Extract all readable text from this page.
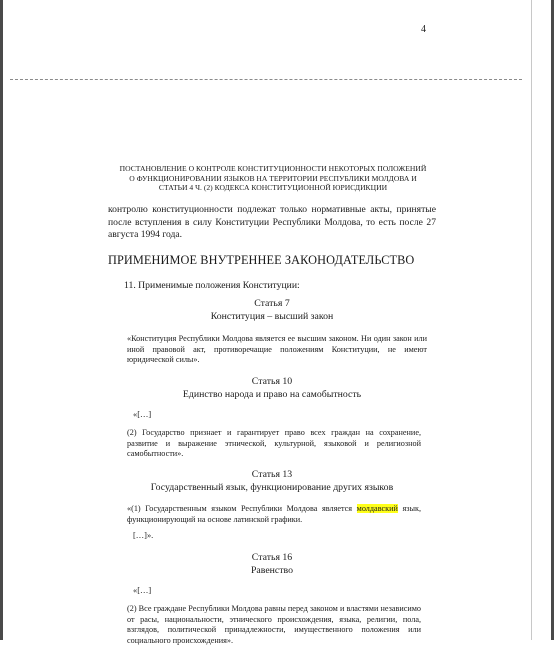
4
ПОСТАНОВЛЕНИЕ О КОНТРОЛЕ КОНСТИТУЦИОННОСТИ НЕКОТОРЫХ ПОЛОЖЕНИЙ
О ФУНКЦИОНИРОВАНИИ ЯЗЫКОВ НА ТЕРРИТОРИИ РЕСПУБЛИКИ МОЛДОВА И
СТАТЬИ 4 Ч. (2) КОДЕКСА КОНСТИТУЦИОННОЙ ЮРИСДИКЦИИ
контролю конституционности подлежат только нормативные акты, принятые после вступления в силу Конституции Республики Молдова, то есть после 27 августа 1994 года.
ПРИМЕНИМОЕ ВНУТРЕННЕЕ ЗАКОНОДАТЕЛЬСТВО
11. Применимые положения Конституции:
Статья 7
Конституция – высший закон
«Конституция Республики Молдова является ее высшим законом. Ни один закон или иной правовой акт, противоречащие положениям Конституции, не имеют юридической силы».
Статья 10
Единство народа и право на самобытность
«[…]
(2) Государство признает и гарантирует право всех граждан на сохранение, развитие и выражение этнической, культурной, языковой и религиозной самобытности».
Статья 13
Государственный язык, функционирование других языков
«(1) Государственным языком Республики Молдова является молдавский язык, функционирующий на основе латинской графики.
[…]».
Статья 16
Равенство
«[…]
(2) Все граждане Республики Молдова равны перед законом и властями независимо от расы, национальности, этнического происхождения, языка, религии, пола, взглядов, политической принадлежности, имущественного положения или социального происхождения».
